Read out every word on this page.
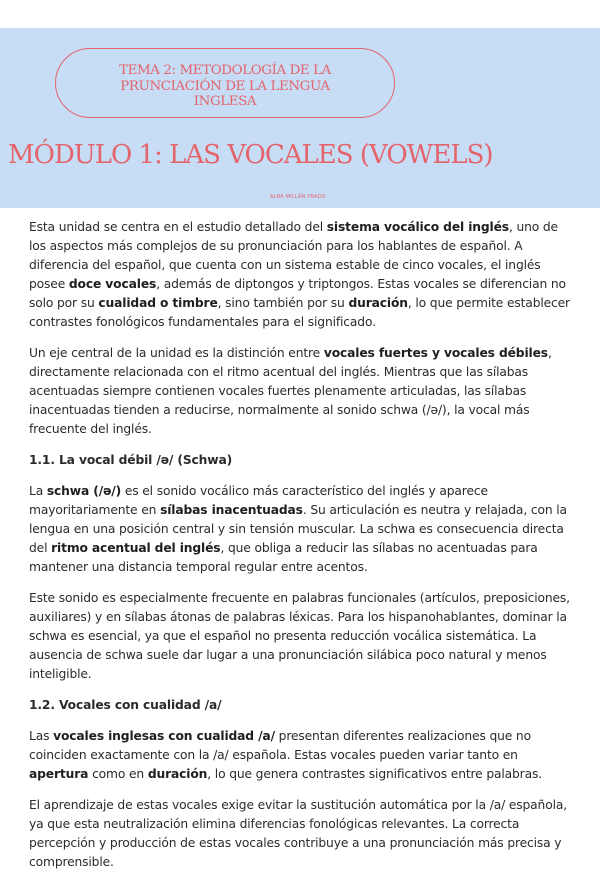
TEMA 2: METODOLOGÍA DE LA
PRUNCIACIÓN DE LA LENGUA
INGLESA
MÓDULO 1: LAS VOCALES (VOWELS)
ALBA MILLÁN PRADO

Esta unidad se centra en el estudio detallado del sistema vocálico del inglés, uno de los aspectos más complejos de su pronunciación para los hablantes de español. A diferencia del español, que cuenta con un sistema estable de cinco vocales, el inglés posee doce vocales, además de diptongos y triptongos. Estas vocales se diferencian no solo por su cualidad o timbre, sino también por su duración, lo que permite establecer contrastes fonológicos fundamentales para el significado.

Un eje central de la unidad es la distinción entre vocales fuertes y vocales débiles, directamente relacionada con el ritmo acentual del inglés. Mientras que las sílabas acentuadas siempre contienen vocales fuertes plenamente articuladas, las sílabas inacentuadas tienden a reducirse, normalmente al sonido schwa (/ə/), la vocal más frecuente del inglés.

1.1. La vocal débil /ə/ (Schwa)

La schwa (/ə/) es el sonido vocálico más característico del inglés y aparece mayoritariamente en sílabas inacentuadas. Su articulación es neutra y relajada, con la lengua en una posición central y sin tensión muscular. La schwa es consecuencia directa del ritmo acentual del inglés, que obliga a reducir las sílabas no acentuadas para mantener una distancia temporal regular entre acentos.

Este sonido es especialmente frecuente en palabras funcionales (artículos, preposiciones, auxiliares) y en sílabas átonas de palabras léxicas. Para los hispanohablantes, dominar la schwa es esencial, ya que el español no presenta reducción vocálica sistemática. La ausencia de schwa suele dar lugar a una pronunciación silábica poco natural y menos inteligible.

1.2. Vocales con cualidad /a/

Las vocales inglesas con cualidad /a/ presentan diferentes realizaciones que no coinciden exactamente con la /a/ española. Estas vocales pueden variar tanto en apertura como en duración, lo que genera contrastes significativos entre palabras.

El aprendizaje de estas vocales exige evitar la sustitución automática por la /a/ española, ya que esta neutralización elimina diferencias fonológicas relevantes. La correcta percepción y producción de estas vocales contribuye a una pronunciación más precisa y comprensible.
